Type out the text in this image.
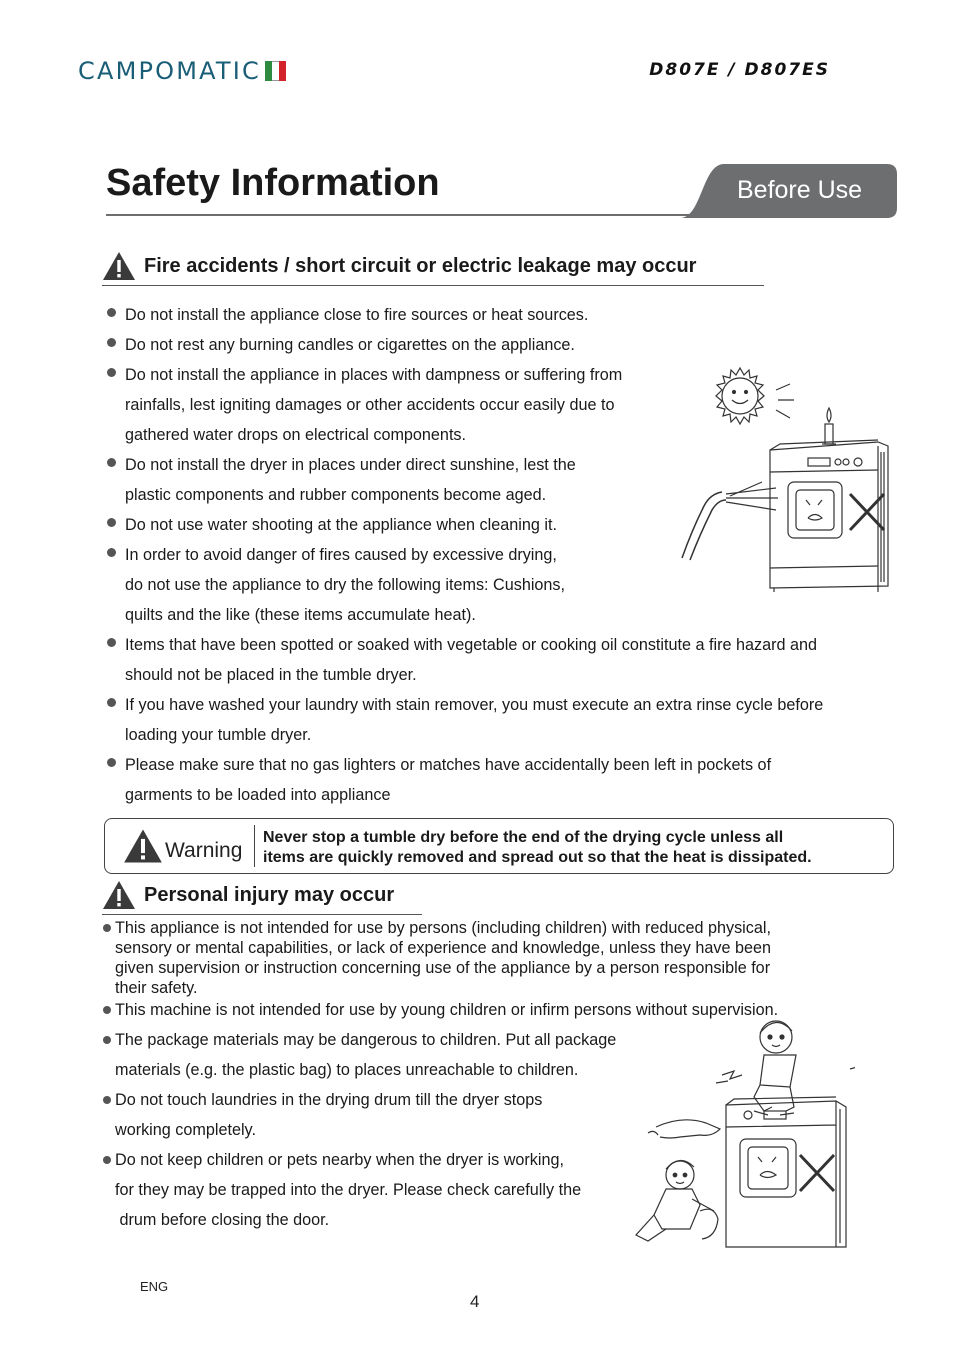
CAMPOMATIC	D807E / D807ES
Safety Information	Before Use
Fire accidents / short circuit or electric leakage may occur
Do not install the appliance close to fire sources or heat sources.
Do not rest any burning candles or cigarettes on the appliance.
Do not install the appliance in places with dampness or suffering from
rainfalls, lest igniting damages or other accidents occur easily due to
gathered water drops on electrical components.
Do not install the dryer in places under direct sunshine, lest the
plastic components and rubber components become aged.
Do not use water shooting at the appliance when cleaning it.
In order to avoid danger of fires caused by excessive drying,
do not use the appliance to dry the following items: Cushions,
quilts and the like (these items accumulate heat).
Items that have been spotted or soaked with vegetable or cooking oil constitute a fire hazard and
should not be placed in the tumble dryer.
If you have washed your laundry with stain remover, you must execute an extra rinse cycle before
loading your tumble dryer.
Please make sure that no gas lighters or matches have accidentally been left in pockets of
garments to be loaded into appliance
Warning
Never stop a tumble dry before the end of the drying cycle unless all
items are quickly removed and spread out so that the heat is dissipated.
Personal injury may occur
This appliance is not intended for use by persons (including children) with reduced physical,
sensory or mental capabilities, or lack of experience and knowledge, unless they have been
given supervision or instruction concerning use of the appliance by a person responsible for
their safety.
This machine is not intended for use by young children or infirm persons without supervision.
The package materials may be dangerous to children. Put all package
materials (e.g. the plastic bag) to places unreachable to children.
Do not touch laundries in the drying drum till the dryer stops
working completely.
Do not keep children or pets nearby when the dryer is working,
for they may be trapped into the dryer. Please check carefully the
drum before closing the door.
ENG
4
